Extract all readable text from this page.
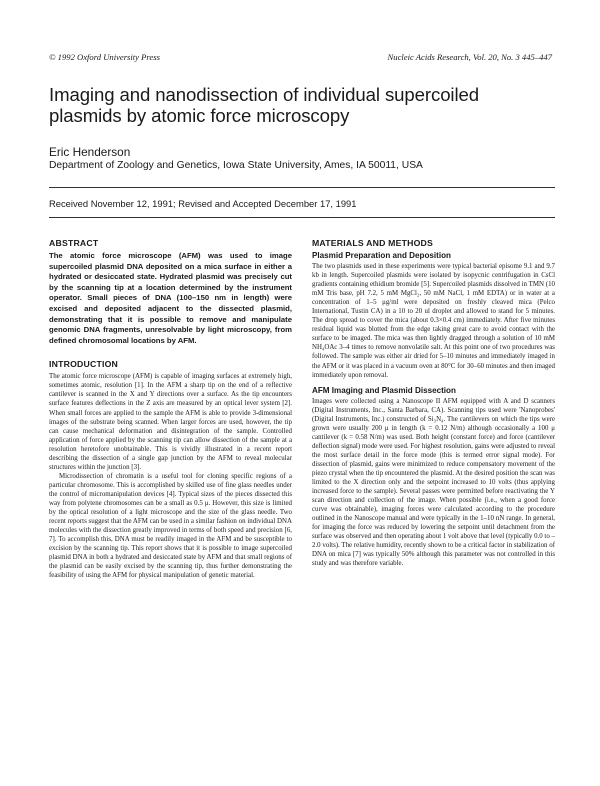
© 1992 Oxford University Press	Nucleic Acids Research, Vol. 20, No. 3 445–447
Imaging and nanodissection of individual supercoiled plasmids by atomic force microscopy
Eric Henderson
Department of Zoology and Genetics, Iowa State University, Ames, IA 50011, USA
Received November 12, 1991; Revised and Accepted December 17, 1991
ABSTRACT

The atomic force microscope (AFM) was used to image supercoiled plasmid DNA deposited on a mica surface in either a hydrated or desiccated state. Hydrated plasmid was precisely cut by the scanning tip at a location determined by the instrument operator. Small pieces of DNA (100–150 nm in length) were excised and deposited adjacent to the dissected plasmid, demonstrating that it is possible to remove and manipulate genomic DNA fragments, unresolvable by light microscopy, from defined chromosomal locations by AFM.

INTRODUCTION

The atomic force microscope (AFM) is capable of imaging surfaces at extremely high, sometimes atomic, resolution [1]. In the AFM a sharp tip on the end of a reflective cantilever is scanned in the X and Y directions over a surface. As the tip encounters surface features deflections in the Z axis are measured by an optical lever system [2]. When small forces are applied to the sample the AFM is able to provide 3-dimensional images of the substrate being scanned. When larger forces are used, however, the tip can cause mechanical deformation and disintegration of the sample. Controlled application of force applied by the scanning tip can allow dissection of the sample at a resolution heretofore unobtainable. This is vividly illustrated in a recent report describing the dissection of a single gap junction by the AFM to reveal molecular structures within the junction [3].

Microdissection of chromatin is a useful tool for cloning specific regions of a particular chromosome. This is accomplished by skilled use of fine glass needles under the control of micromanipulation devices [4]. Typical sizes of the pieces dissected this way from polytene chromosomes can be a small as 0.5 μ. However, this size is limited by the optical resolution of a light microscope and the size of the glass needle. Two recent reports suggest that the AFM can be used in a similar fashion on individual DNA molecules with the dissection greatly improved in terms of both speed and precision [6, 7]. To accomplish this, DNA must be readily imaged in the AFM and be susceptible to excision by the scanning tip. This report shows that it is possible to image supercoiled plasmid DNA in both a hydrated and desiccated state by AFM and that small regions of the plasmid can be easily excised by the scanning tip, thus further demonstrating the feasibility of using the AFM for physical manipulation of genetic material.

MATERIALS AND METHODS
Plasmid Preparation and Deposition

The two plasmids used in these experiments were typical bacterial episome 9.1 and 9.7 kb in length. Supercoiled plasmids were isolated by isopycnic centrifugation in CsCl gradients containing ethidium bromide [5]. Supercoiled plasmids dissolved in TMN (10 mM Tris base, pH 7.2, 5 mM MgCl₂, 50 mM NaCl, 1 mM EDTA) or in water at a concentration of 1–5 μg/ml were deposited on freshly cleaved mica (Pelco International, Tustin CA) in a 10 to 20 ul droplet and allowed to stand for 5 minutes. The drop spread to cover the mica (about 0.3×0.4 cm) immediately. After five minutes residual liquid was blotted from the edge taking great care to avoid contact with the surface to be imaged. The mica was then lightly dragged through a solution of 10 mM NH₄OAc 3–4 times to remove nonvolatile salt. At this point one of two procedures was followed. The sample was either air dried for 5–10 minutes and immediately imaged in the AFM or it was placed in a vacuum oven at 80°C for 30–60 minutes and then imaged immediately upon removal.

AFM Imaging and Plasmid Dissection

Images were collected using a Nanoscope II AFM equipped with A and D scanners (Digital Instruments, Inc., Santa Barbara, CA). Scanning tips used were 'Nanoprobes' (Digital Instruments, Inc.) constructed of Si₃N₄. The cantilevers on which the tips were grown were usually 200 μ in length (k = 0.12 N/m) although occasionally a 100 μ cantilever (k = 0.58 N/m) was used. Both height (constant force) and force (cantilever deflection signal) mode were used. For highest resolution, gains were adjusted to reveal the most surface detail in the force mode (this is termed error signal mode). For dissection of plasmid, gains were minimized to reduce compensatory movement of the piezo crystal when the tip encountered the plasmid. At the desired position the scan was limited to the X direction only and the setpoint increased to 10 volts (thus applying increased force to the sample). Several passes were permitted before reactivating the Y scan direction and collection of the image. When possible (i.e., when a good force curve was obtainable), imaging forces were calculated according to the procedure outlined in the Nanoscope manual and were typically in the 1–10 nN range. In general, for imaging the force was reduced by lowering the setpoint until detachment from the surface was observed and then operating about 1 volt above that level (typically 0.0 to –2.0 volts). The relative humidity, recently shown to be a critical factor in stabilization of DNA on mica [7] was typically 50% although this parameter was not controlled in this study and was therefore variable.
